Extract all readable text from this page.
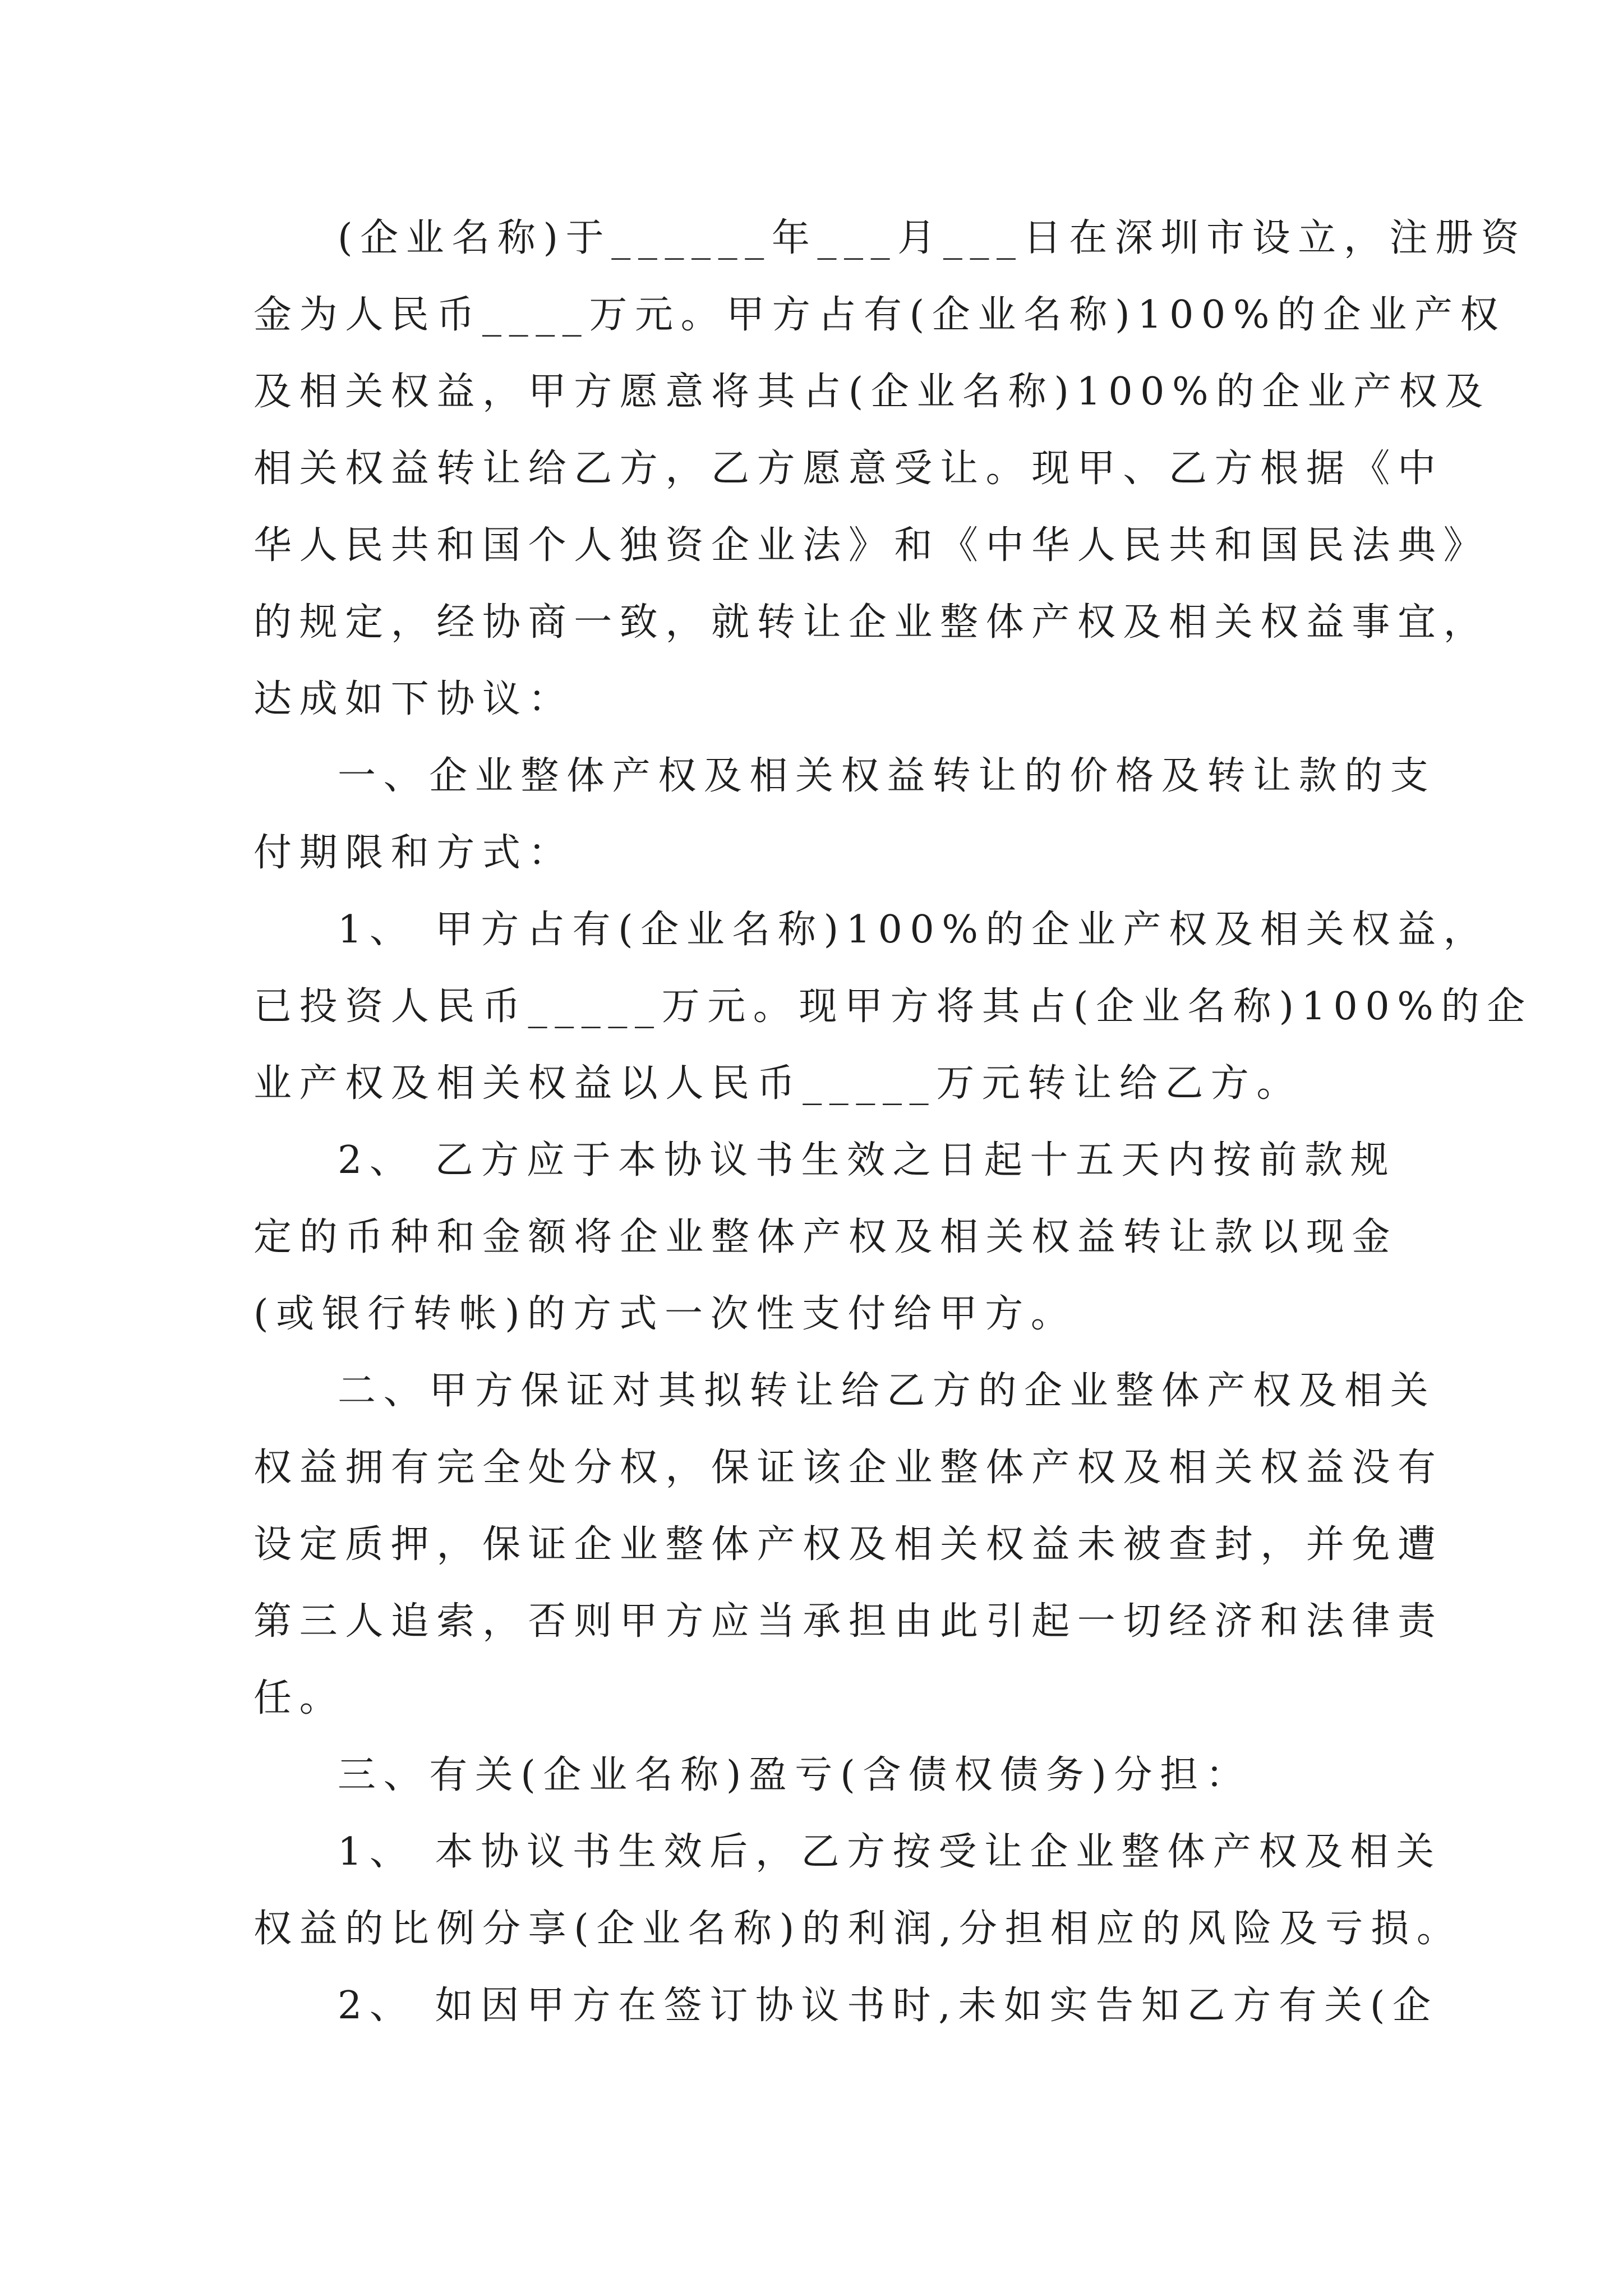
(企业名称)于______年___月___日在深圳市设立，注册资
金为人民币____万元。甲方占有(企业名称)100%的企业产权
及相关权益，甲方愿意将其占(企业名称)100%的企业产权及
相关权益转让给乙方，乙方愿意受让。现甲、乙方根据《中
华人民共和国个人独资企业法》和《中华人民共和国民法典》
的规定，经协商一致，就转让企业整体产权及相关权益事宜，
达成如下协议：

一、企业整体产权及相关权益转让的价格及转让款的支
付期限和方式：

1、 甲方占有(企业名称)100%的企业产权及相关权益，
已投资人民币_____万元。现甲方将其占(企业名称)100%的企
业产权及相关权益以人民币_____万元转让给乙方。

2、 乙方应于本协议书生效之日起十五天内按前款规
定的币种和金额将企业整体产权及相关权益转让款以现金
(或银行转帐)的方式一次性支付给甲方。

二、甲方保证对其拟转让给乙方的企业整体产权及相关
权益拥有完全处分权，保证该企业整体产权及相关权益没有
设定质押，保证企业整体产权及相关权益未被查封，并免遭
第三人追索，否则甲方应当承担由此引起一切经济和法律责
任。

三、有关(企业名称)盈亏(含债权债务)分担：

1、 本协议书生效后，乙方按受让企业整体产权及相关
权益的比例分享(企业名称)的利润,分担相应的风险及亏损。

2、 如因甲方在签订协议书时,未如实告知乙方有关(企
